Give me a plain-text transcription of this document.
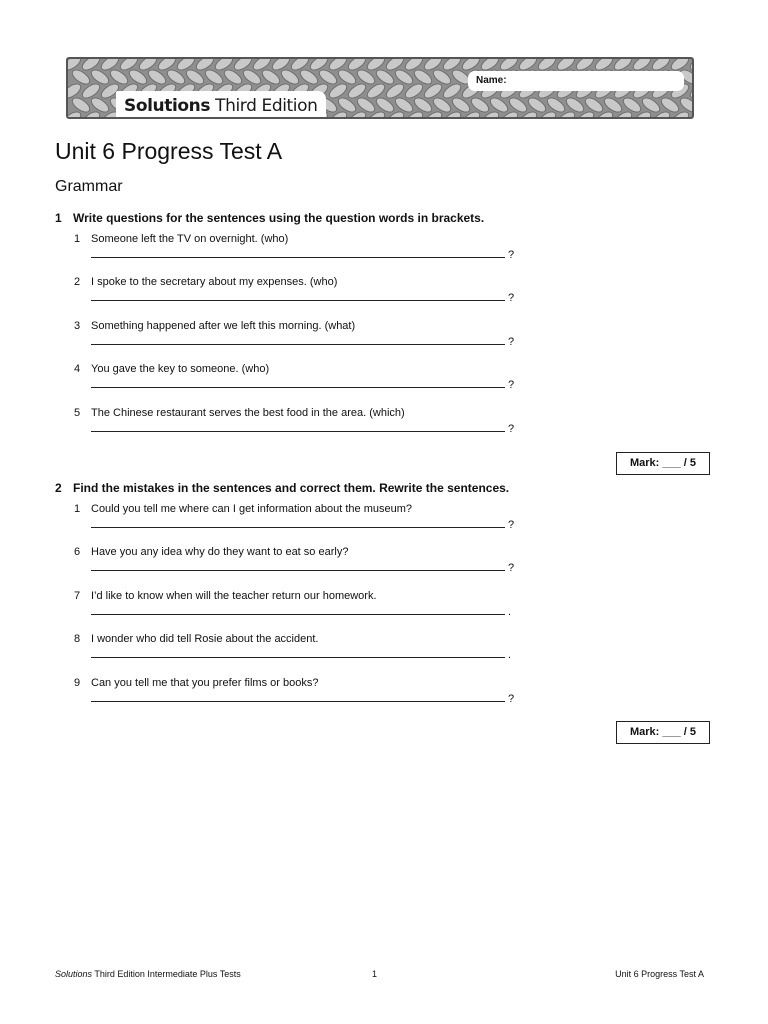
Name:
Solutions Third Edition
Unit 6 Progress Test A
Grammar

1 Write questions for the sentences using the question words in brackets.

1 Someone left the TV on overnight. (who)
?
2 I spoke to the secretary about my expenses. (who)
?
3 Something happened after we left this morning. (what)
?
4 You gave the key to someone. (who)
?
5 The Chinese restaurant serves the best food in the area. (which)
?
Mark: ___ / 5

2 Find the mistakes in the sentences and correct them. Rewrite the sentences.

1 Could you tell me where can I get information about the museum?
?
6 Have you any idea why do they want to eat so early?
?
7 I’d like to know when will the teacher return our homework.
.
8 I wonder who did tell Rosie about the accident.
.
9 Can you tell me that you prefer films or books?
?
Mark: ___ / 5
Solutions Third Edition Intermediate Plus Tests	1	Unit 6 Progress Test A
